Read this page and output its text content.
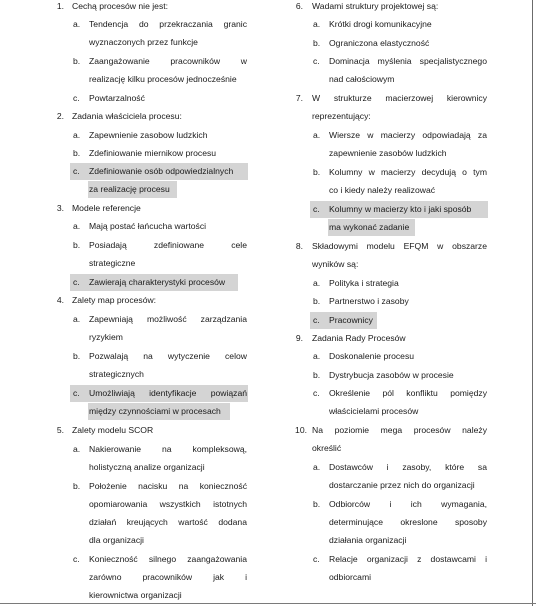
1. Cechą procesów nie jest:
a.	Tendencja do przekraczania granic
wyznaczonych przez funkcje
b.	Zaangażowanie pracowników w
realizację kilku procesów jednocześnie
c.	Powtarzalność
2. Zadania właściciela procesu:
a.	Zapewnienie zasobow ludzkich
b.	Zdefiniowanie miernikow procesu
c.	Zdefiniowanie osób odpowiedzialnych
za realizację procesu
3. Modele referencje
a.	Mają postać łańcucha wartości
b.	Posiadają zdefiniowane cele
strategiczne
c.	Zawierają charakterystyki procesów
4. Zalety map procesów:
a.	Zapewniają możliwość zarządzania
ryzykiem
b.	Pozwalają na wytyczenie celow
strategicznych
c.	Umożliwiają identyfikacje powiązań
między czynnościami w procesach
5. Zalety modelu SCOR
a.	Nakierowanie na kompleksową,
holistyczną analize organizacji
b.	Położenie nacisku na konieczność
opomiarowania wszystkich istotnych
działań kreujących wartość dodana
dla organizacji
c.	Konieczność silnego zaangażowania
zarówno pracowników jak i
kierownictwa organizacji
6. Wadami struktury projektowej są:
a.	Krótki drogi komunikacyjne
b.	Ograniczona elastyczność
c.	Dominacja myślenia specjalistycznego
nad całościowym
7. W strukturze macierzowej kierownicy
reprezentujący:
a.	Wiersze w macierzy odpowiadają za
zapewnienie zasobów ludzkich
b.	Kolumny w macierzy decydują o tym
co i kiedy należy realizować
c.	Kolumny w macierzy kto i jaki sposób
ma wykonać zadanie
8. Składowymi modelu EFQM w obszarze
wyników są:
a.	Polityka i strategia
b.	Partnerstwo i zasoby
c.	Pracownicy
9. Zadania Rady Procesów
a.	Doskonalenie procesu
b.	Dystrybucja zasobów w procesie
c.	Określenie pól konfliktu pomiędzy
właścicielami procesów
10. Na poziomie mega procesów należy
określić
a.	Dostawców i zasoby, które sa
dostarczanie przez nich do organizacji
b.	Odbiorców i ich wymagania,
determinujące okreslone sposoby
działania organizacji
c.	Relacje organizacji z dostawcami i
odbiorcami
